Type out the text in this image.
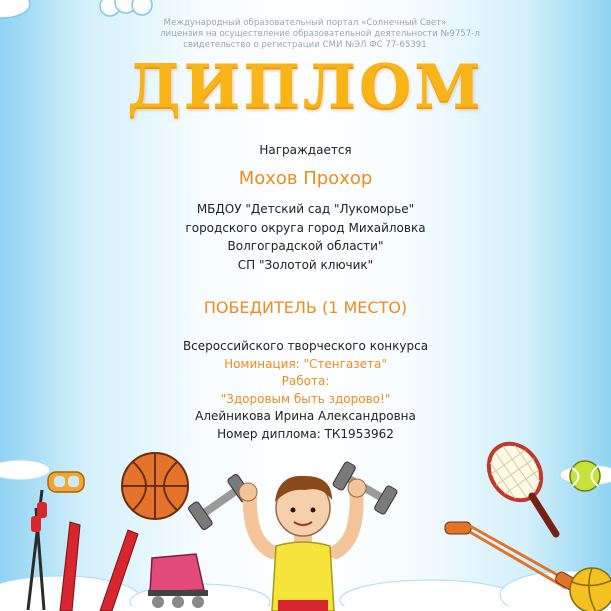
Международный образовательный портал «Солнечный Свет»
лицензия на осуществление образовательной деятельности №9757-л
свидетельство о регистрации СМИ №ЭЛ ФС 77-65391
ДИПЛОМ
Награждается
Мохов Прохор
МБДОУ "Детский сад "Лукоморье"
городского округа город Михайловка
Волгоградской области"
СП "Золотой ключик"
ПОБЕДИТЕЛЬ (1 МЕСТО)
Всероссийского творческого конкурса
Номинация: "Стенгазета"
Работа:
"Здоровым быть здорово!"
Алейникова Ирина Александровна
Номер диплома: ТК1953962
